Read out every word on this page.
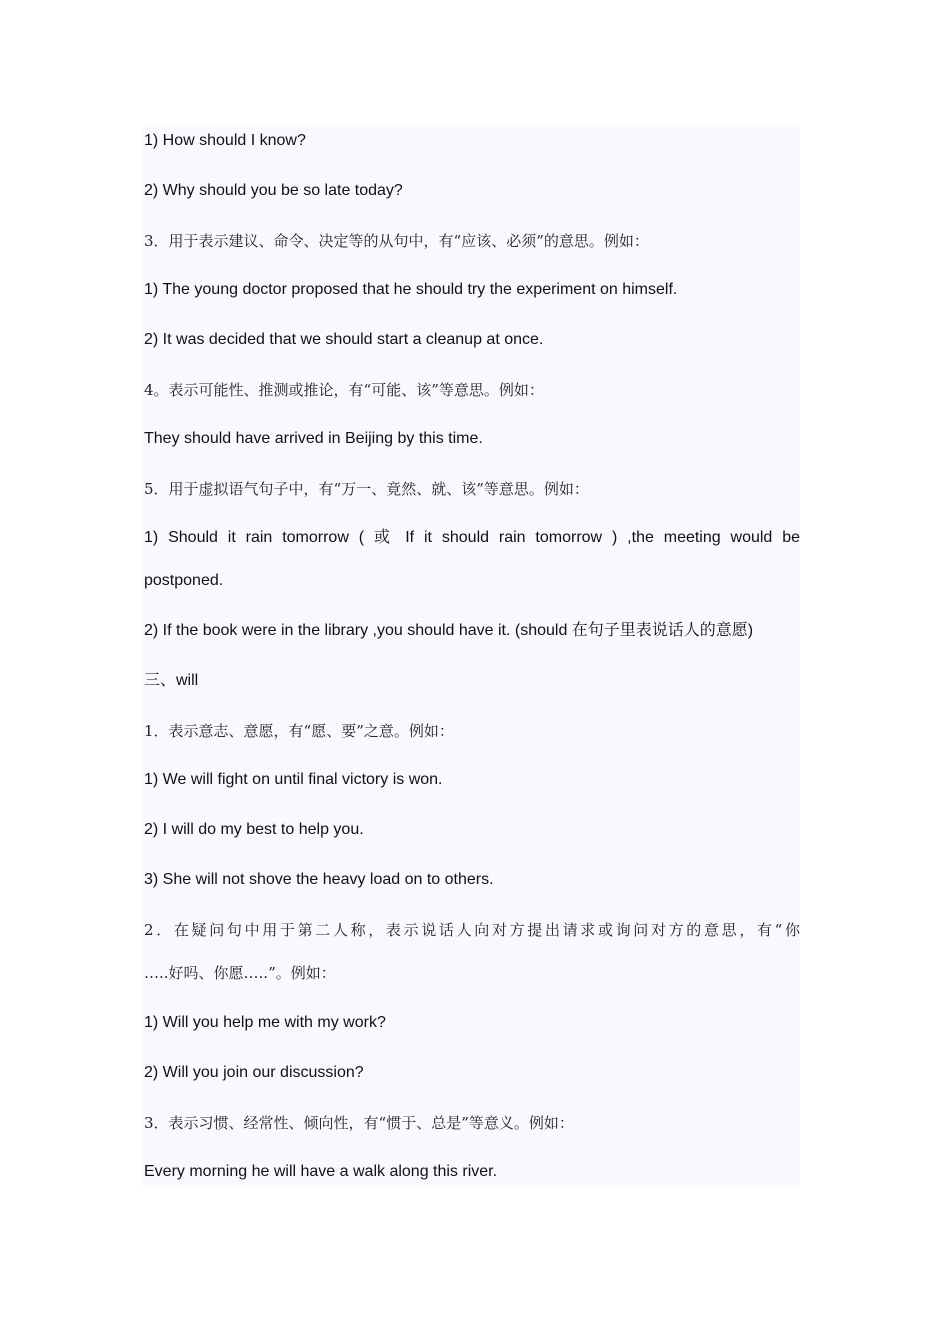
1) How should I know?
2) Why should you be so late today?
3．用于表示建议、命令、决定等的从句中，有“应该、必须”的意思。例如：
1) The young doctor proposed that he should try the experiment on himself.
2) It was decided that we should start a cleanup at once.
4。表示可能性、推测或推论，有“可能、该”等意思。例如：
They should have arrived in Beijing by this time.
5．用于虚拟语气句子中，有“万一、竟然、就、该”等意思。例如：
1) Should it rain tomorrow ( 或 If it should rain tomorrow ) ,the meeting would be
postponed.
2) If the book were in the library ,you should have it. (should 在句子里表说话人的意愿)
三、will
1．表示意志、意愿，有“愿、要”之意。例如：
1) We will fight on until final victory is won.
2) I will do my best to help you.
3) She will not shove the heavy load on to others.
2．在疑问句中用于第二人称，表示说话人向对方提出请求或询问对方的意思，有“你
…..好吗、你愿…..”。例如：
1) Will you help me with my work?
2) Will you join our discussion?
3．表示习惯、经常性、倾向性，有“惯于、总是”等意义。例如：
Every morning he will have a walk along this river.
